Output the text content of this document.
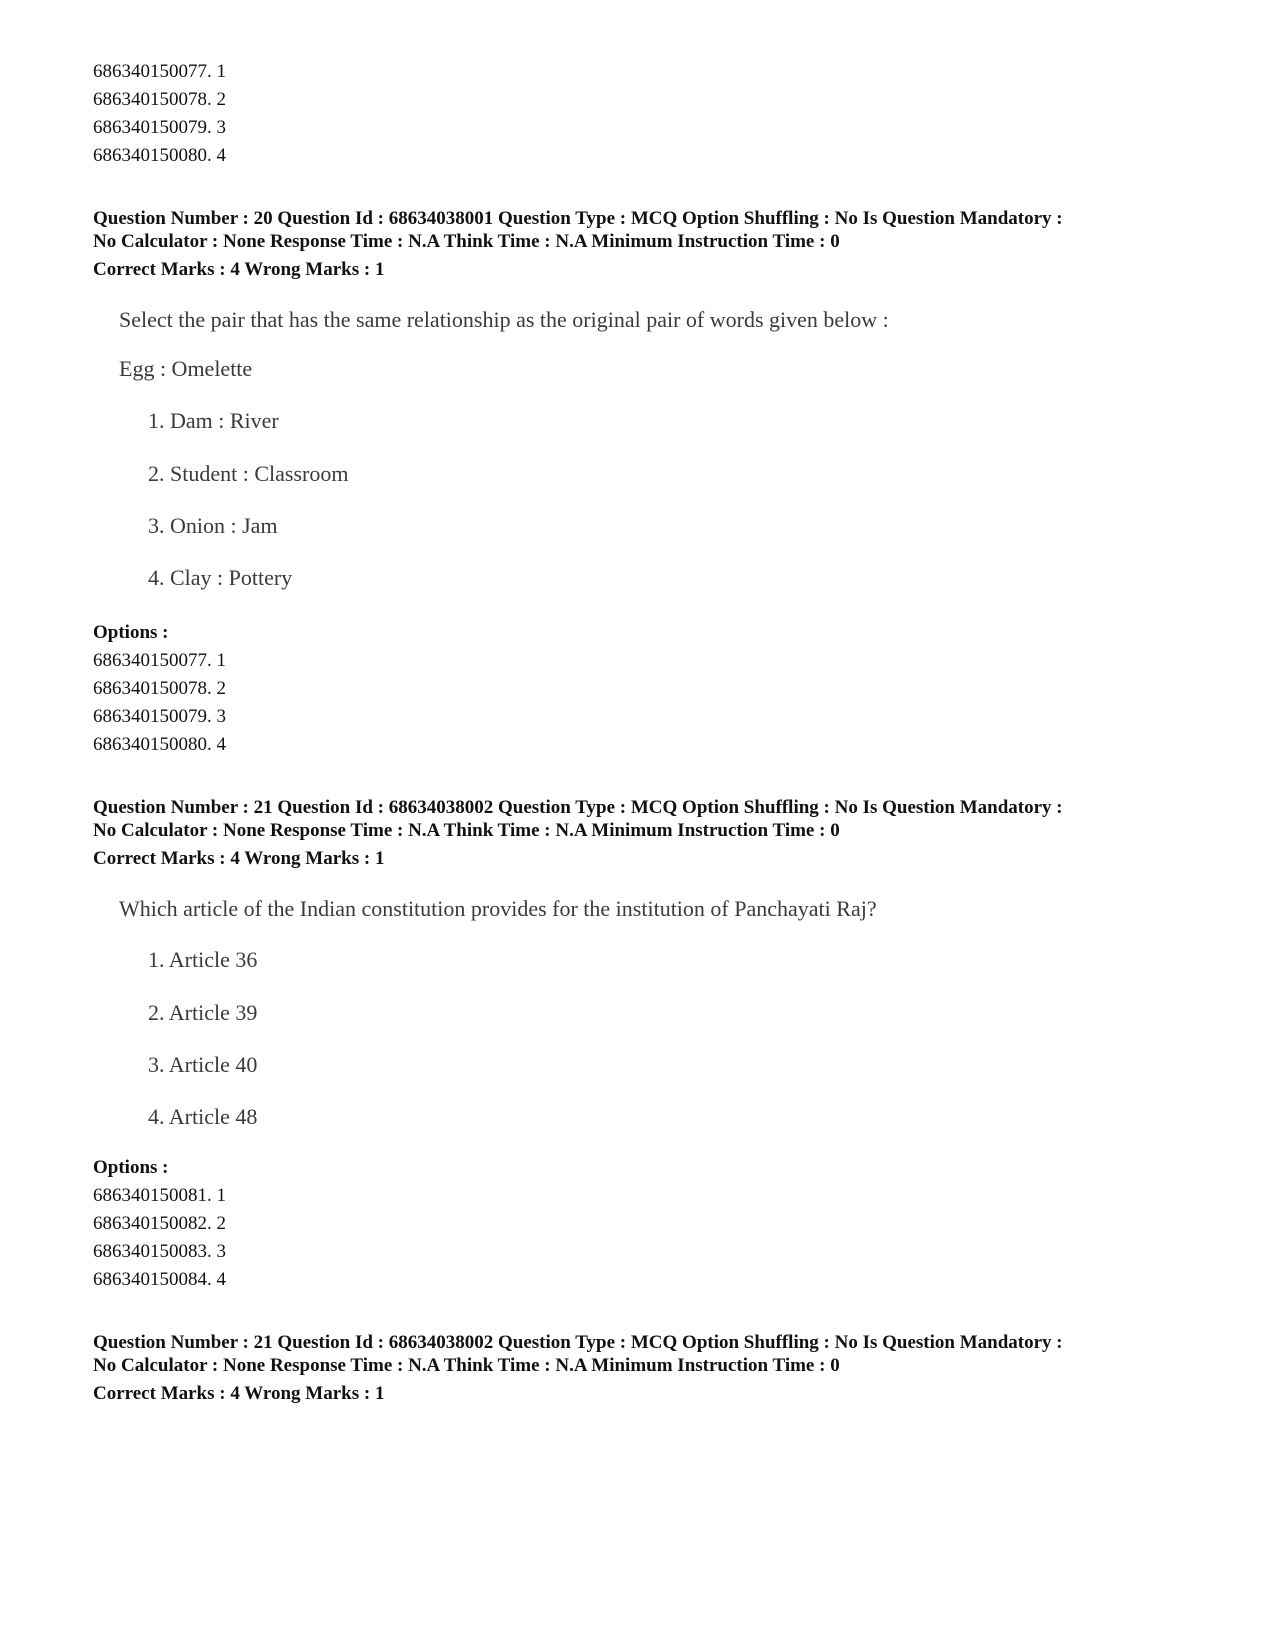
686340150077. 1
686340150078. 2
686340150079. 3
686340150080. 4
Question Number : 20 Question Id : 68634038001 Question Type : MCQ Option Shuffling : No Is Question Mandatory :
No Calculator : None Response Time : N.A Think Time : N.A Minimum Instruction Time : 0
Correct Marks : 4 Wrong Marks : 1
Select the pair that has the same relationship as the original pair of words given below :
Egg : Omelette
1. Dam : River
2. Student : Classroom
3. Onion : Jam
4. Clay : Pottery
Options :
686340150077. 1
686340150078. 2
686340150079. 3
686340150080. 4
Question Number : 21 Question Id : 68634038002 Question Type : MCQ Option Shuffling : No Is Question Mandatory :
No Calculator : None Response Time : N.A Think Time : N.A Minimum Instruction Time : 0
Correct Marks : 4 Wrong Marks : 1
Which article of the Indian constitution provides for the institution of Panchayati Raj?
1. Article 36
2. Article 39
3. Article 40
4. Article 48
Options :
686340150081. 1
686340150082. 2
686340150083. 3
686340150084. 4
Question Number : 21 Question Id : 68634038002 Question Type : MCQ Option Shuffling : No Is Question Mandatory :
No Calculator : None Response Time : N.A Think Time : N.A Minimum Instruction Time : 0
Correct Marks : 4 Wrong Marks : 1
